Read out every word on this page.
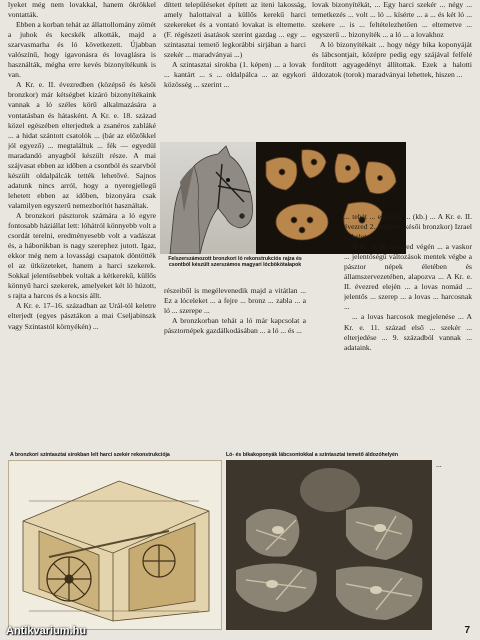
lyeket még nem lovakkal, hanem ökrökkel vontatták.

Ebben a korban tehát az állattollomány zömét a juhok és kecskék alkották, majd a szarvasmarha és ló következett. Újabban valószínű, hogy igavonásra és lovaglásra is használták, mégha erre kevés bizonyítékunk is van.

A Kr. e. II. évezredben (középső és késői bronzkor) már kétségbet kizáró bizonyítékaink vannak a ló széles körű alkalmazására a vontatásban és hátasként. A Kr. e. 18. század közel egészében elterjedtek a zsanéros zabláké ... a hidat szántott csatolók ... (bár az előzőkkel jól egyező) ... megtaláltuk ... fék — egyedül maradandó anyagból készült része. A mai szájvasat ebben az időben a csontból és szarvból készült oldalpálcák tették lehetővé. Sajnos adatunk nincs arról, hogy a nyeregjellegű lehetett ebben az időben, bizonyára csak valamilyen egyszerű nemezborítót használtak.

A bronzkori pásztorok számára a ló egyre fontosabb háziállat lett: lóhátról könnyebb volt a csordát terelni, eredményesebb volt a vadászat és, a háborúkban is nagy szerephez jutott. Igaz, ekkor még nem a lovassági csapatok döntötték el az ütközeteket, hanem a harci szekerek. Sokkal jelentősebbek voltak a kétkerekű, küllős könnyű harci szekerek, amelyeket két ló húzott, s rajta a harcos és a kocsis állt.

A Kr. e. 17–16. században az Urál-tól keletre elterjedt (egyes pásztákon a mai Cseljabinszk vagy Szintastól környékén) ...

díttett településeket épített az iteni lakosság, amely halottaival a küllős kerekű harci szekereket és a vontató lovakat is eltemette. (F. régészeti ásatások szerint gazdag ... egy ... szintasztai temető legkorábbi sírjában a harci szekér ... maradványai ...)

A szintasztai sírokba (1. képen) ... a lovak ... kantárt ... s ... oldalpálca ... az egykori közösség ... szerint ...

lovak bizonyítékát, ... Egy harci szekér ... négy ... temetkezés ... volt ... ló ... kísérte ... a ... és két ló ... szekere ... is ... feltételezhetően ... eltemetve ... egyszerű ... bizonyíték ... a ló ... a lovakhoz

A ló bizonyítékait ... hogy négy bika koponyáját és lábcsontjait, középre pedig egy szájával felfelé fordított agyagedényt állítottak. Ezek a halotti áldozatok (torok) maradványai lehettek, hiszen ...

... tehát ... egyúttal ... (kb.) ... A Kr. e. II. évezred 2. felében (késői bronzkor) Izrael ... kelet ...

A Kr. e. II. évezred végén ... a vaskor ... jelentőségű változások mentek végbe a pásztor népek életében és államszervezetében, alapozva ... A Kr. e. II. évezred elején ... a lovas nomád ... jelentős ... szerep ... a lovas ... harcosnak ...

... a lovas harcosok megjelenése ... A Kr. e. 11. század első ... szekér ... elterjedése ... 9. századból vannak ... adataink.

Felszerszámozott bronzkori ló rekonstrukciós rajza és csontból készült szerszámos magyari lócbökötalapok

részeiből is megélevenedik majd a vitátlan ... Ez a lóceleket ... a fejre ... bronz ... zabla ... a ló ... szerepe ...

A bronzkorban tehát a ló már kapcsolat a pásztornépek gazdálkodásában ... a ló ... és ...

A bronzkori szintasztai sírokban lelt harci szekér rekonstrukciója	Ló- és bikakoponyák lábcsontokkal a szintasztai temető áldozóhelyén

...

7
Antikvarium.hu
